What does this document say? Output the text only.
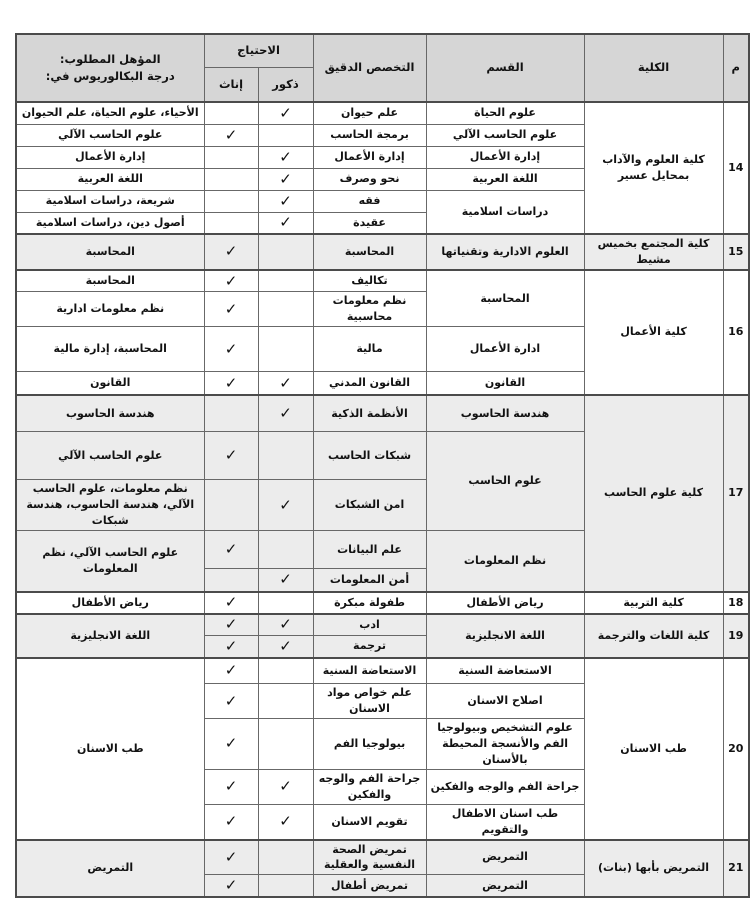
م	الكلية	القسم	التخصص الدقيق	الاحتياج		المؤهل المطلوب:
درجة البكالوريوس في:

				ذكور	إناث	
14	كلية العلوم والآداب بمحايل عسير	علوم الحياة	علم حيوان	✓		الأحياء، علوم الحياة، علم الحيوان
		علوم الحاسب الآلي	برمجة الحاسب		✓	علوم الحاسب الآلي
		إدارة الأعمال	إدارة الأعمال	✓		إدارة الأعمال
		اللغة العربية	نحو وصرف	✓		اللغة العربية
		دراسات اسلامية	فقه	✓		شريعة، دراسات اسلامية
			عقيدة	✓		أصول دين، دراسات اسلامية
15	كلية المجتمع بخميس مشيط	العلوم الادارية وتقنياتها	المحاسبة		✓	المحاسبة
16	كلية الأعمال	المحاسبة	تكاليف		✓	المحاسبة
			نظم معلومات محاسبية		✓	نظم معلومات ادارية
		ادارة الأعمال	مالية		✓	المحاسبة، إدارة مالية
		القانون	القانون المدني	✓	✓	القانون
17	كلية علوم الحاسب	هندسة الحاسوب	الأنظمة الذكية	✓		هندسة الحاسوب
		علوم الحاسب	شبكات الحاسب		✓	علوم الحاسب الآلي
			امن الشبكات	✓		نظم معلومات، علوم الحاسب الآلي، هندسة الحاسوب، هندسة شبكات
		نظم المعلومات	علم البيانات		✓	علوم الحاسب الآلي، نظم المعلومات
			أمن المعلومات	✓		
18	كلية التربية	رياض الأطفال	طفولة مبكرة		✓	رياض الأطفال
19	كلية اللغات والترجمة	اللغة الانجليزية	ادب	✓	✓	اللغة الانجليزية
			ترجمة	✓	✓	
20	طب الاسنان	الاستعاضة السنية	الاستعاضة السنية		✓	طب الاسنان
		اصلاح الاسنان	علم خواص مواد الاسنان		✓	
		علوم التشخيص وبيولوجيا الفم والأنسجة المحيطة بالأسنان	بيولوجيا الفم		✓	
		جراحة الفم والوجه والفكين	جراحة الفم والوجه والفكين	✓	✓	
		طب اسنان الاطفال والتقويم	تقويم الاسنان	✓	✓	
21	التمريض بأبها (بنات)	التمريض	تمريض الصحة النفسية والعقلية		✓	التمريض
		التمريض	تمريض أطفال		✓	
